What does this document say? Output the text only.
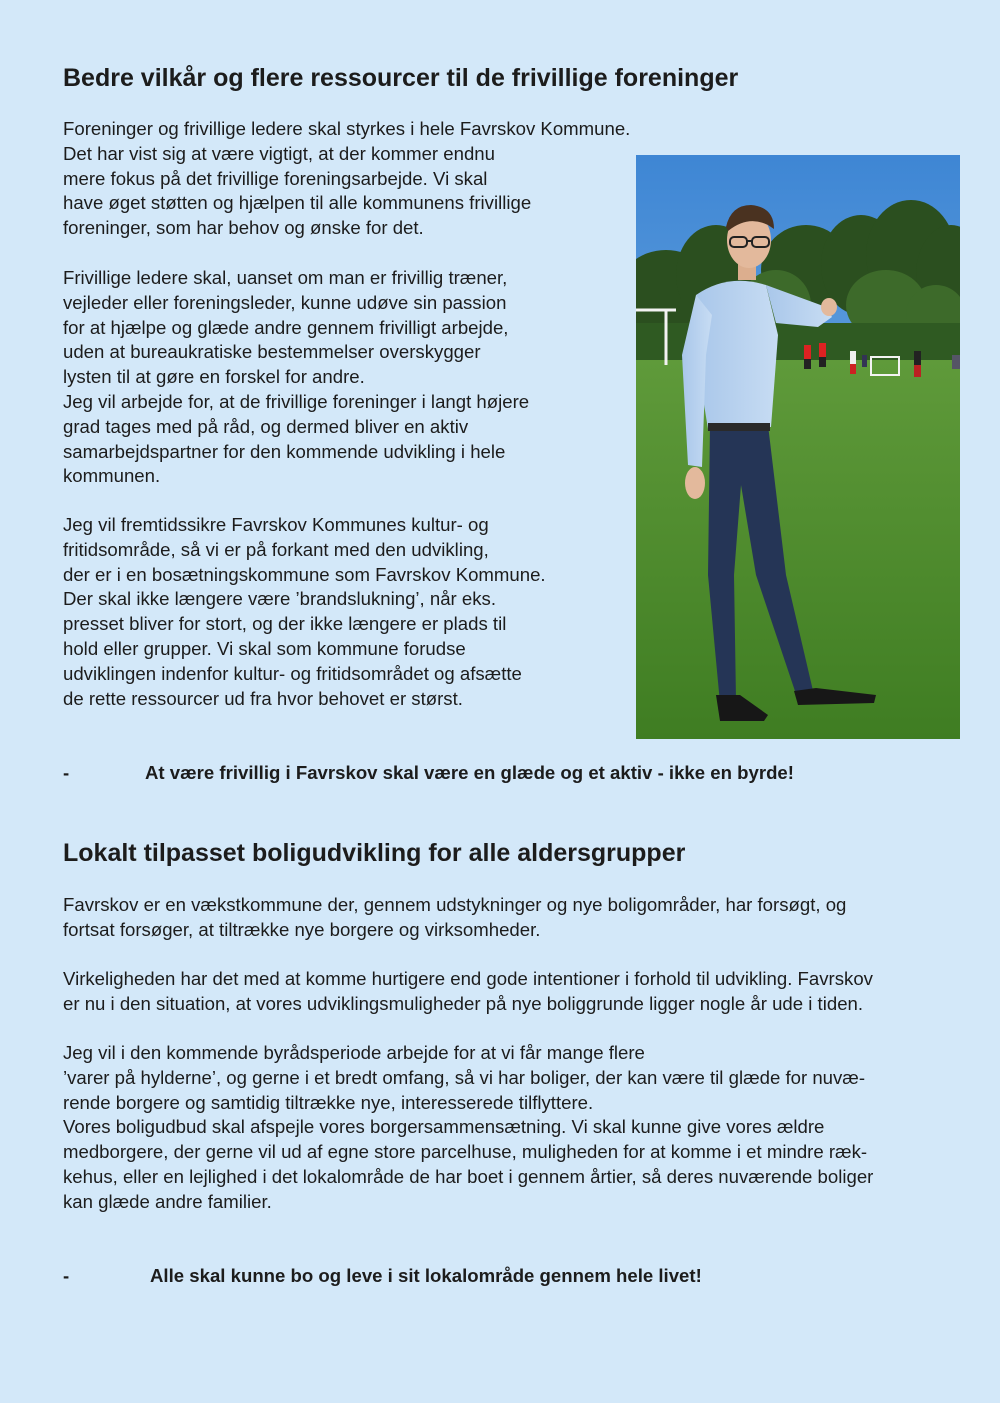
Bedre vilkår og flere ressourcer til de frivillige foreninger
Foreninger og frivillige ledere skal styrkes i hele Favrskov Kommune.
Det har vist sig at være vigtigt, at der kommer endnu
mere fokus på det frivillige foreningsarbejde. Vi skal
have øget støtten og hjælpen til alle kommunens frivillige
foreninger, som har behov og ønske for det.
Frivillige ledere skal, uanset om man er frivillig træner,
vejleder eller foreningsleder, kunne udøve sin passion
for at hjælpe og glæde andre gennem frivilligt arbejde,
uden at bureaukratiske bestemmelser overskygger
lysten til at gøre en forskel for andre.
Jeg vil arbejde for, at de frivillige foreninger i langt højere
grad tages med på råd, og dermed bliver en aktiv
samarbejdspartner for den kommende udvikling i hele
kommunen.
Jeg vil fremtidssikre Favrskov Kommunes kultur- og
fritidsområde, så vi er på forkant med den udvikling,
der er i en bosætningskommune som Favrskov Kommune.
Der skal ikke længere være ’brandslukning’, når eks.
presset bliver for stort, og der ikke længere er plads til
hold eller grupper. Vi skal som kommune forudse
udviklingen indenfor kultur- og fritidsområdet og afsætte
de rette ressourcer ud fra hvor behovet er størst.
-	At være frivillig i Favrskov skal være en glæde og et aktiv - ikke en byrde!
Lokalt tilpasset boligudvikling for alle aldersgrupper
Favrskov er en vækstkommune der, gennem udstykninger og nye boligområder, har forsøgt, og
fortsat forsøger, at tiltrække nye borgere og virksomheder.
Virkeligheden har det med at komme hurtigere end gode intentioner i forhold til udvikling. Favrskov
er nu i den situation, at vores udviklingsmuligheder på nye boliggrunde ligger nogle år ude i tiden.
Jeg vil i den kommende byrådsperiode arbejde for at vi får mange flere
’varer på hylderne’, og gerne i et bredt omfang, så vi har boliger, der kan være til glæde for nuvæ-
rende borgere og samtidig tiltrække nye, interesserede tilflyttere.
Vores boligudbud skal afspejle vores borgersammensætning. Vi skal kunne give vores ældre
medborgere, der gerne vil ud af egne store parcelhuse, muligheden for at komme i et mindre ræk-
kehus, eller en lejlighed i det lokalområde de har boet i gennem årtier, så deres nuværende boliger
kan glæde andre familier.
-	Alle skal kunne bo og leve i sit lokalområde gennem hele livet!
